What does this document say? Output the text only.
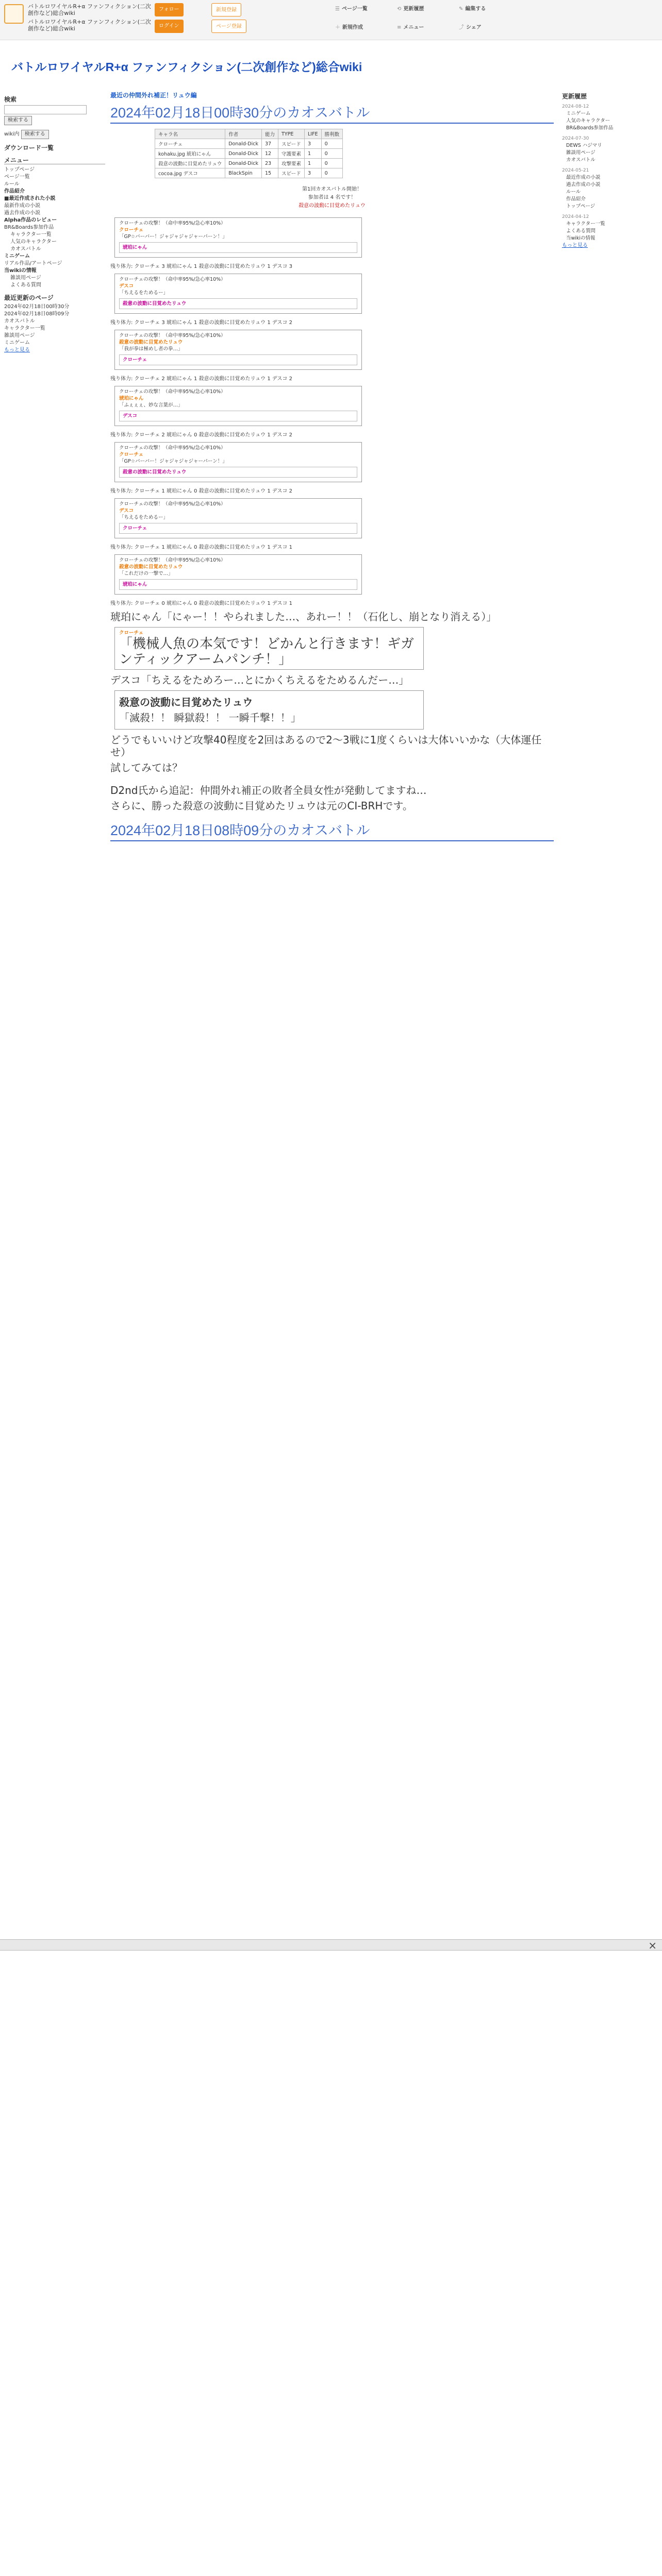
バトルロワイヤルR+α ファンフィクション(二次創作など)総合wiki
バトルロワイヤルR+α ファンフィクション(二次創作など)総合wiki
フォロー	新規登録
ログイン	ページ登録
☰ ページ一覧	⟲ 更新履歴	✎ 編集する
＋ 新規作成	≡ メニュー	⤴ シェア
バトルロワイヤルR+α ファンフィクション(二次創作など)総合wiki
検索
検索する
wiki内 検索する
ダウンロード一覧
メニュー
トップページ
ページ一覧
ルール
作品紹介
■最近作成された小説
最新作成の小説
過去作成の小説
Alpha作品のレビュー
BR&Boards参加作品
キャラクター一覧
人気のキャラクター
カオスバトル
ミニゲーム
リアル作品/アートページ
当wikiの情報
雑談用ページ
よくある質問
最近更新のページ
2024年02月18日00時30分
2024年02月18日08時09分
カオスバトル
キャラクター一覧
雑談用ページ
ミニゲーム
もっと見る
更新履歴
2024-08-12
ミニゲーム
人気のキャラクター
BR&Boards参加作品
2024-07-30
DEWS ハジマリ
雑談用ページ
カオスバトル
2024-05-21
最近作成の小説
過去作成の小説
ルール
作品紹介
トップページ
2024-04-12
キャラクター一覧
よくある質問
当wikiの情報
もっと見る
最近の仲間外れ補正！リュウ編
2024年02月18日00時30分のカオスバトル
キャラ名	作者	能力	TYPE	LIFE	勝利数
クローチェ	Donald-Dick	37	スピード	3	0
kohaku.jpg 琥珀にゃん	Donald-Dick	12	守護要素	1	0
殺意の波動に目覚めたリュウ	Donald-Dick	23	攻撃要素	1	0
cocoa.jpg デスコ	BlackSpin	15	スピード	3	0
第1回カオスバトル開始！
参加者は 4 名です！
殺意の波動に目覚めたリュウ
クローチェの攻撃！（命中率95%/急心率10%）
クローチェ
「GP☆バーバー！ジャジャジャジャーパーン！」
琥珀にゃん
残り体力: クローチェ 3 琥珀にゃん 1 殺意の波動に目覚めたリュウ 1 デスコ 3
クローチェの攻撃！（命中率95%/急心率10%）
デスコ
「ちえるをためるー」
殺意の波動に目覚めたリュウ
残り体力: クローチェ 3 琥珀にゃん 1 殺意の波動に目覚めたリュウ 1 デスコ 2
クローチェの攻撃！（命中率95%/急心率10%）
殺意の波動に目覚めたリュウ
「我が拳は極めし者の拳…」
クローチェ
残り体力: クローチェ 2 琥珀にゃん 1 殺意の波動に目覚めたリュウ 1 デスコ 2
クローチェの攻撃！（命中率95%/急心率10%）
琥珀にゃん
「ふぇぇぇ、妙な言葉が…」
デスコ
残り体力: クローチェ 2 琥珀にゃん 0 殺意の波動に目覚めたリュウ 1 デスコ 2
クローチェの攻撃！（命中率95%/急心率10%）
クローチェ
「GP☆バーバー！ジャジャジャジャーパーン！」
殺意の波動に目覚めたリュウ
残り体力: クローチェ 1 琥珀にゃん 0 殺意の波動に目覚めたリュウ 1 デスコ 2
クローチェの攻撃！（命中率95%/急心率10%）
デスコ
「ちえるをためるー」
クローチェ
残り体力: クローチェ 1 琥珀にゃん 0 殺意の波動に目覚めたリュウ 1 デスコ 1
クローチェの攻撃！（命中率95%/急心率10%）
殺意の波動に目覚めたリュウ
「これだけの一撃で…」
琥珀にゃん
残り体力: クローチェ 0 琥珀にゃん 0 殺意の波動に目覚めたリュウ 1 デスコ 1
琥珀にゃん「にゃー！！やられました…、あれー！！（石化し、崩となり消える）」
クローチェ
「機械人魚の本気です！どかんと行きます！ギガンティックアームパンチ！」
デスコ「ちえるをためろー…とにかくちえるをためるんだー…」
殺意の波動に目覚めたリュウ
「滅殺！！ 瞬獄殺！！ 一瞬千撃！！」
どうでもいいけど攻撃40程度を2回はあるので2〜3戦に1度くらいは大体いいかな（大体運任せ）
試してみては？
D2nd氏から追記：仲間外れ補正の敗者全員女性が発動してますね…
さらに、勝った殺意の波動に目覚めたリュウは元のCI-BRHです。
2024年02月18日08時09分のカオスバトル
×
